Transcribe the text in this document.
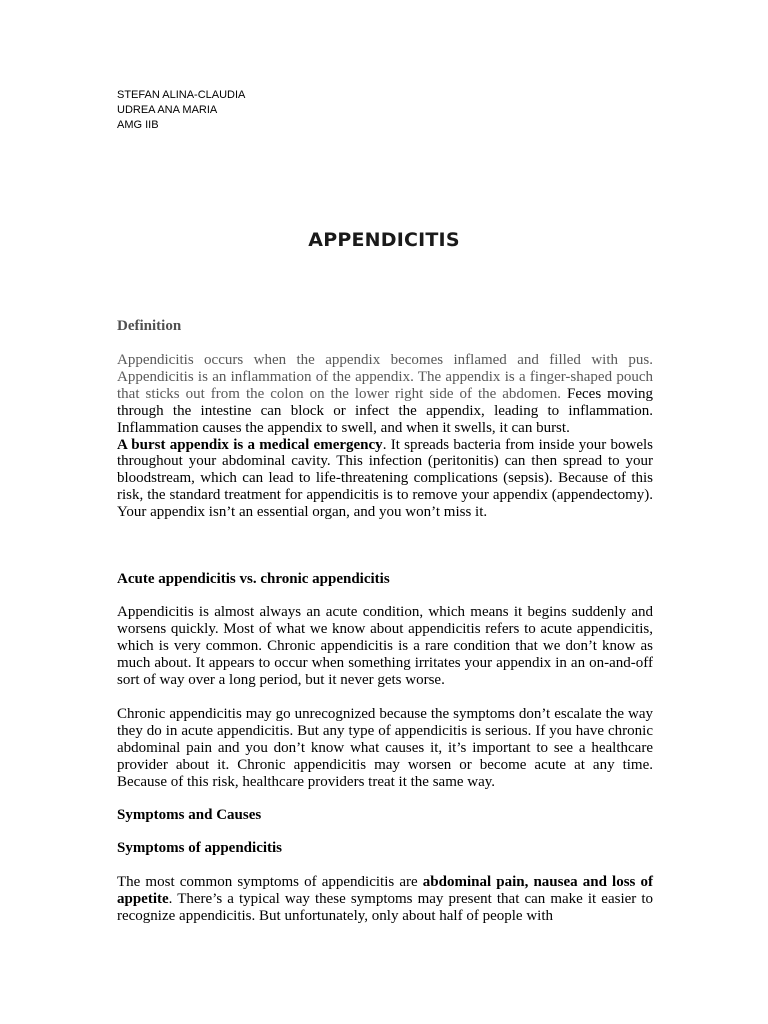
STEFAN ALINA-CLAUDIA
UDREA ANA MARIA
AMG IIB
APPENDICITIS
Definition

Appendicitis occurs when the appendix becomes inflamed and filled with pus. Appendicitis is an inflammation of the appendix. The appendix is a finger-shaped pouch that sticks out from the colon on the lower right side of the abdomen. Feces moving through the intestine can block or infect the appendix, leading to inflammation. Inflammation causes the appendix to swell, and when it swells, it can burst.

A burst appendix is a medical emergency. It spreads bacteria from inside your bowels throughout your abdominal cavity. This infection (peritonitis) can then spread to your bloodstream, which can lead to life-threatening complications (sepsis). Because of this risk, the standard treatment for appendicitis is to remove your appendix (appendectomy). Your appendix isn’t an essential organ, and you won’t miss it.

Acute appendicitis vs. chronic appendicitis
Appendicitis is almost always an acute condition, which means it begins suddenly and worsens quickly. Most of what we know about appendicitis refers to acute appendicitis, which is very common. Chronic appendicitis is a rare condition that we don’t know as much about. It appears to occur when something irritates your appendix in an on-and-off sort of way over a long period, but it never gets worse.
Chronic appendicitis may go unrecognized because the symptoms don’t escalate the way they do in acute appendicitis. But any type of appendicitis is serious. If you have chronic abdominal pain and you don’t know what causes it, it’s important to see a healthcare provider about it. Chronic appendicitis may worsen or become acute at any time. Because of this risk, healthcare providers treat it the same way.
Symptoms and Causes
Symptoms of appendicitis
The most common symptoms of appendicitis are abdominal pain, nausea and loss of appetite. There’s a typical way these symptoms may present that can make it easier to recognize appendicitis. But unfortunately, only about half of people with
